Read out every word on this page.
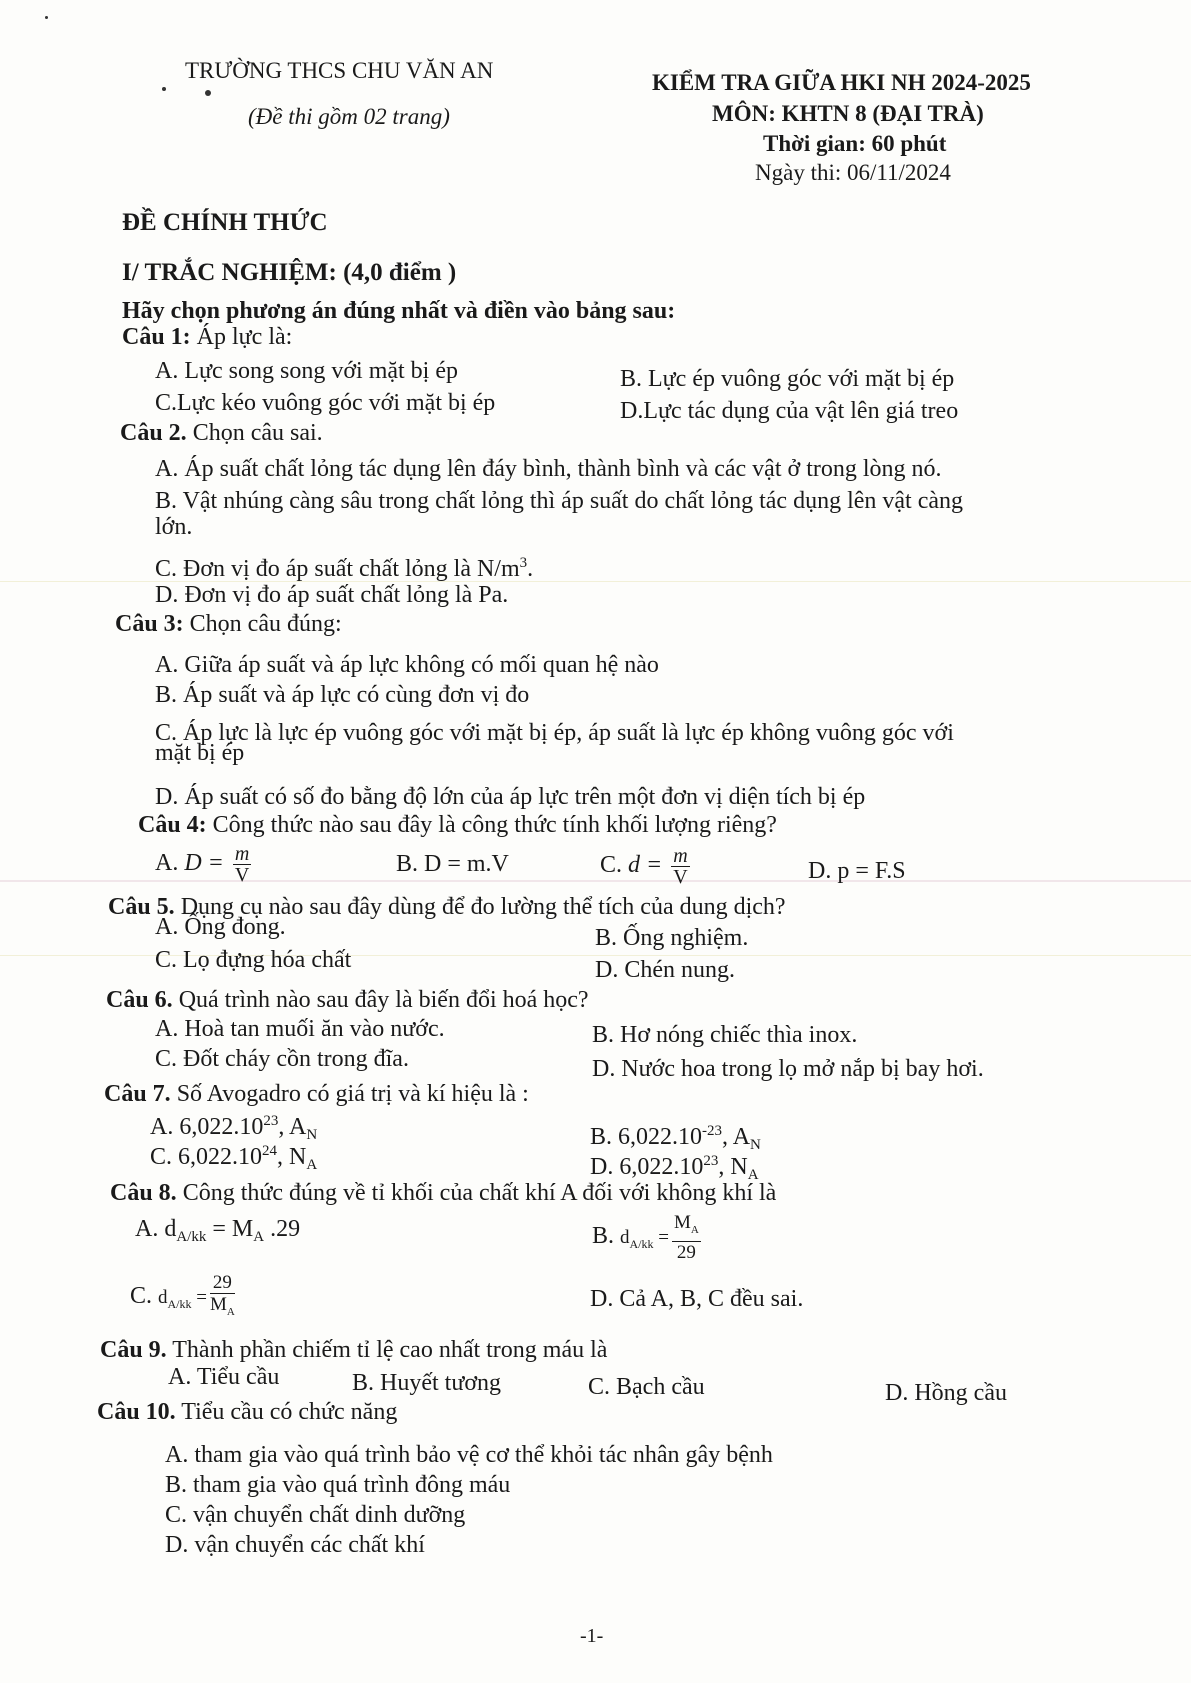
TRƯỜNG THCS CHU VĂN AN
(Đề thi gồm 02 trang)
KIỂM TRA GIỮA HKI NH 2024-2025
MÔN: KHTN 8 (ĐẠI TRÀ)
Thời gian: 60 phút
Ngày thi: 06/11/2024
ĐỀ CHÍNH THỨC
I/ TRẮC NGHIỆM: (4,0 điểm )
Hãy chọn phương án đúng nhất và điền vào bảng sau:
Câu 1: Áp lực là:
A. Lực song song với mặt bị ép	B. Lực ép vuông góc với mặt bị ép
C.Lực kéo vuông góc với mặt bị ép	D.Lực tác dụng của vật lên giá treo
Câu 2. Chọn câu sai.
A. Áp suất chất lỏng tác dụng lên đáy bình, thành bình và các vật ở trong lòng nó.
B. Vật nhúng càng sâu trong chất lỏng thì áp suất do chất lỏng tác dụng lên vật càng
lớn.
C. Đơn vị đo áp suất chất lỏng là $N/m^3$.
D. Đơn vị đo áp suất chất lỏng là Pa.
Câu 3: Chọn câu đúng:
A. Giữa áp suất và áp lực không có mối quan hệ nào
B. Áp suất và áp lực có cùng đơn vị đo
C. Áp lực là lực ép vuông góc với mặt bị ép, áp suất là lực ép không vuông góc với
mặt bị ép
D. Áp suất có số đo bằng độ lớn của áp lực trên một đơn vị diện tích bị ép
Câu 4: Công thức nào sau đây là công thức tính khối lượng riêng?
A. $D = \frac{m}{V}$	B. D = m.V	C. $d = \frac{m}{V}$	D. p = F.S
Câu 5. Dụng cụ nào sau đây dùng để đo lường thể tích của dung dịch?
A. Ống đong.	B. Ống nghiệm.
C. Lọ đựng hóa chất	D. Chén nung.
Câu 6. Quá trình nào sau đây là biến đổi hoá học?
A. Hoà tan muối ăn vào nước.	B. Hơ nóng chiếc thìa inox.
C. Đốt cháy cồn trong đĩa.	D. Nước hoa trong lọ mở nắp bị bay hơi.
Câu 7. Số Avogadro có giá trị và kí hiệu là :
A. 6,022.10$^{23}$, $A_N$	B. $6,022.10^{-23}$, $A_N$
C. 6,022.10$^{24}$, $N_A$	D. 6,022.10$^{23}$, $N_A$
Câu 8. Công thức đúng về tỉ khối của chất khí A đối với không khí là
A. $d_{A/kk} = M_A$ .29	B. $d_{A/kk} = \frac{M_A}{29}$
C. $d_{A/kk} = \frac{29}{M_A}$	D. Cả A, B, C đều sai.
Câu 9. Thành phần chiếm tỉ lệ cao nhất trong máu là
A. Tiểu cầu	B. Huyết tương	C. Bạch cầu	D. Hồng cầu
Câu 10. Tiểu cầu có chức năng
A. tham gia vào quá trình bảo vệ cơ thể khỏi tác nhân gây bệnh
B. tham gia vào quá trình đông máu
C. vận chuyển chất dinh dưỡng
D. vận chuyển các chất khí
-1-
